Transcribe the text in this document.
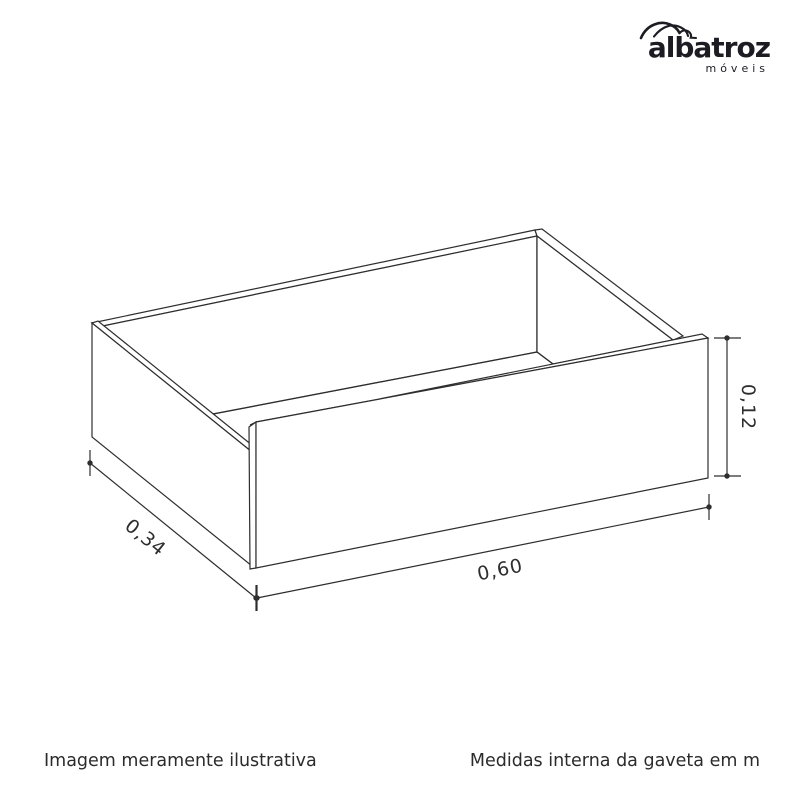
albatroz
móveis
0,34
0,60
0,12
Imagem meramente ilustrativa	Medidas interna da gaveta em m
